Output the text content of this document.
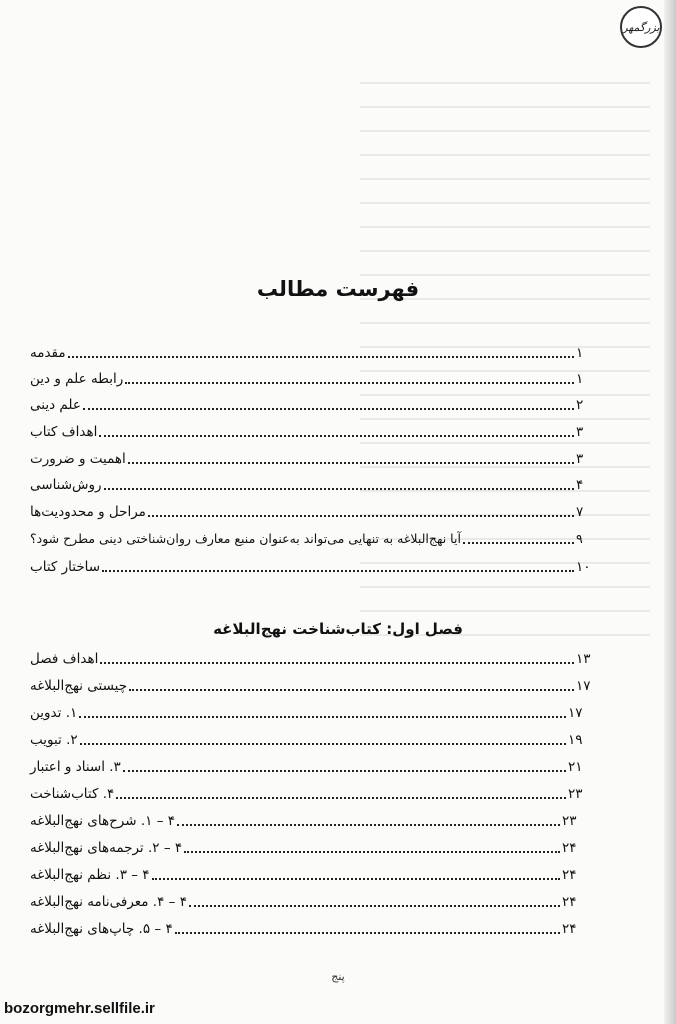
بزرگمهر
فهرست مطالب
مقدمه	۱
رابطه علم و دین	۱
علم دینی	۲
اهداف کتاب	۳
اهمیت و ضرورت	۳
روش‌شناسی	۴
مراحل و محدودیت‌ها	۷
آیا نهج‌البلاغه به تنهایی می‌تواند به‌عنوان منبع معارف روان‌شناختی دینی مطرح شود؟	۹
ساختار کتاب	۱۰
فصل اول: کتاب‌شناخت نهج‌البلاغه
اهداف فصل	۱۳
چیستی نهج‌البلاغه	۱۷
۱. تدوین	۱۷
۲. تبویب	۱۹
۳. اسناد و اعتبار	۲۱
۴. کتاب‌شناخت	۲۳
۴ – ۱. شرح‌های نهج‌البلاغه	۲۳
۴ – ۲. ترجمه‌های نهج‌البلاغه	۲۴
۴ – ۳. نظم نهج‌البلاغه	۲۴
۴ – ۴. معرفی‌نامه نهج‌البلاغه	۲۴
۴ – ۵. چاپ‌های نهج‌البلاغه	۲۴
پنج
bozorgmehr.sellfile.ir
